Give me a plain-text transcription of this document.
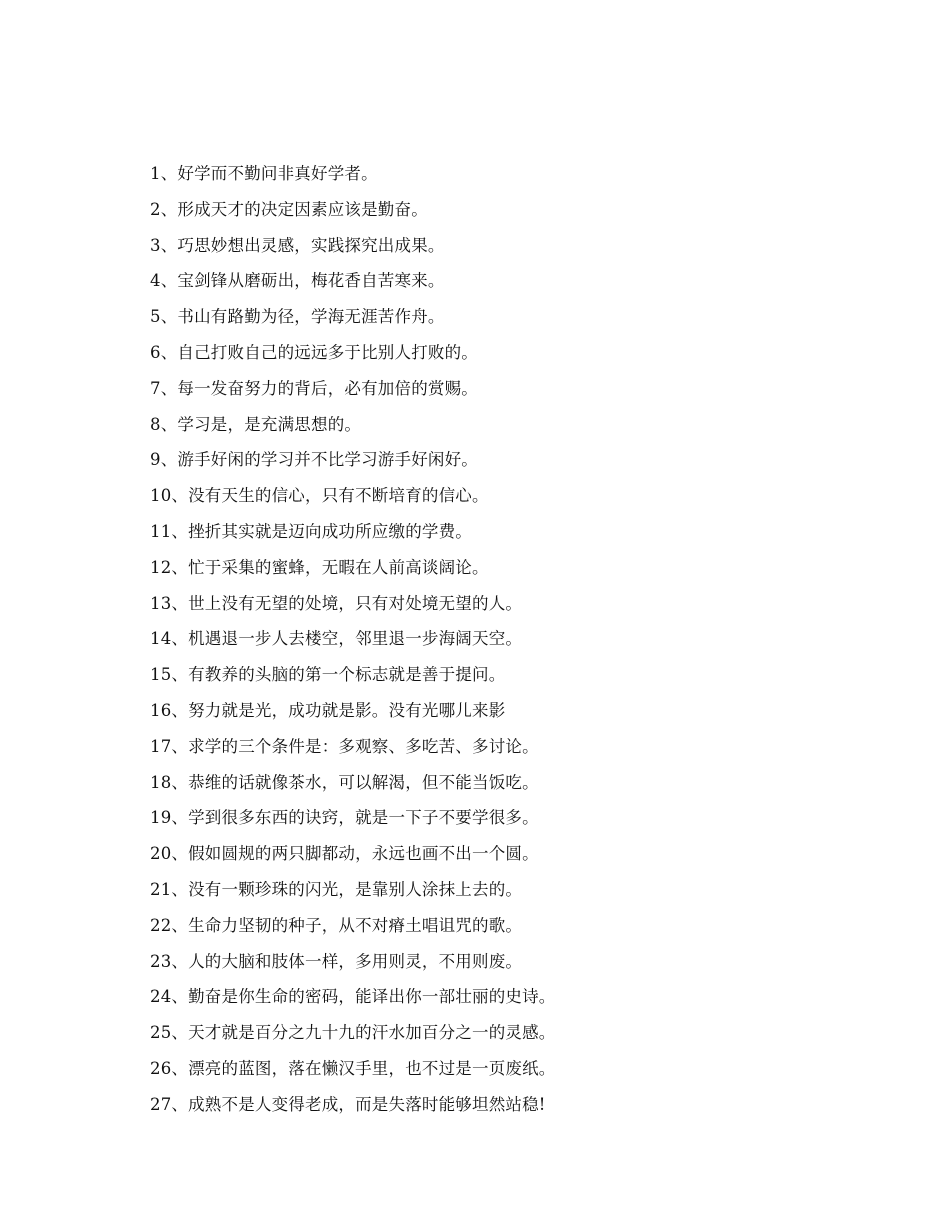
1、好学而不勤问非真好学者。
2、形成天才的决定因素应该是勤奋。
3、巧思妙想出灵感，实践探究出成果。
4、宝剑锋从磨砺出，梅花香自苦寒来。
5、书山有路勤为径，学海无涯苦作舟。
6、自己打败自己的远远多于比别人打败的。
7、每一发奋努力的背后，必有加倍的赏赐。
8、学习是，是充满思想的。
9、游手好闲的学习并不比学习游手好闲好。
10、没有天生的信心，只有不断培育的信心。
11、挫折其实就是迈向成功所应缴的学费。
12、忙于采集的蜜蜂，无暇在人前高谈阔论。
13、世上没有无望的处境，只有对处境无望的人。
14、机遇退一步人去楼空，邻里退一步海阔天空。
15、有教养的头脑的第一个标志就是善于提问。
16、努力就是光，成功就是影。没有光哪儿来影
17、求学的三个条件是：多观察、多吃苦、多讨论。
18、恭维的话就像茶水，可以解渴，但不能当饭吃。
19、学到很多东西的诀窍，就是一下子不要学很多。
20、假如圆规的两只脚都动，永远也画不出一个圆。
21、没有一颗珍珠的闪光，是靠别人涂抹上去的。
22、生命力坚韧的种子，从不对瘠土唱诅咒的歌。
23、人的大脑和肢体一样，多用则灵，不用则废。
24、勤奋是你生命的密码，能译出你一部壮丽的史诗。
25、天才就是百分之九十九的汗水加百分之一的灵感。
26、漂亮的蓝图，落在懒汉手里，也不过是一页废纸。
27、成熟不是人变得老成，而是失落时能够坦然站稳!
